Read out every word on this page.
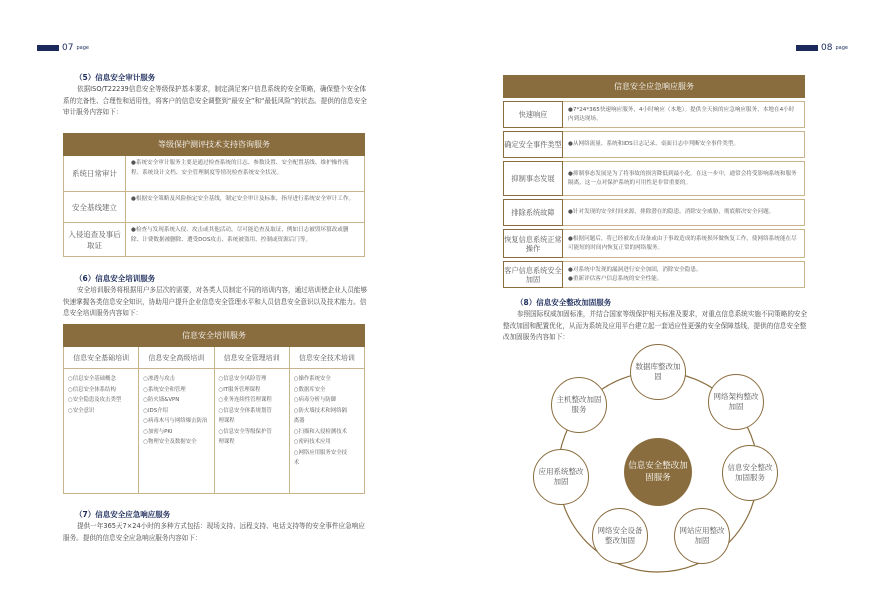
07 page
（5）信息安全审计服务
依据ISO/T22239信息安全等级保护基本要求，制定满足客户信息系统的安全策略，确保整个安全体系的完备性、合理性和适用性，将客户的信息安全调整到“最安全”和“最低风险”的状态。提供的信息安全审计服务内容如下：
等级保护测评技术支持咨询服务
系统日常审计
●系统安全审计服务主要是通过检查系统的日志、参数设置、安全配置基线、维护操作流程、系统设计文档、安全管理制度等情况检查系统安全状况。
安全基线建立
●根据安全策略及风险指定安全基线，制定安全审计及标准，指导进行系统安全审计工作。
入侵追查及事后取证
●检查与发现系统入侵、攻击或其他活动，尽可能追查及取证，例如日志被毁坏篡改或删除、计费数据被删除、遭受DOS攻击、系统被盗用、控制或资源后门等。
（6）信息安全培训服务
安全培训服务将根据用户多层次的需要，对各类人员制定不同的培训内容，通过培训使企业人员能够快速掌握各类信息安全知识，协助用户提升企业信息安全管理水平和人员信息安全意识以及技术能力。信息安全培训服务内容如下：
信息安全培训服务
信息安全基础培训
○信息安全基础概念
○信息安全体系结构
○安全隐患及攻击类型
○安全意识
信息安全高级培训
○渗透与攻击
○系统安全和管理
○防火墙&VPN
○IDS介绍
○病毒木马与网络爆击防治
○加密与PKI
○物理安全及数据安全
信息安全管理培训
○信息安全风险管理
○IT服务管理课程
○业务连续性管理课程
○信息安全体系规划管
理课程
○信息安全等级保护管
理课程
信息安全技术培训
○操作系统安全
○数据库安全
○病毒分析与防御
○防火墙技术和网络隔
离器
○扫描和入侵检测技术
○密码技术应用
○网络应用服务安全技
术
（7）信息安全应急响应服务
提供一年365天7×24小时的多种方式包括：现场支持、远程支持、电话支持等的安全事件应急响应服务。提供的信息安全应急响应服务内容如下：
08 page
信息安全应急响应服务
快速响应
●7*24*365快速响应服务，4小时响应（本地）。提供全天候的应急响应服务，本地在4小时内到达现场。
确定安全事件类型 ●从网络流量、系统和IDS日志记录、桌面日志中判断安全事件类型。
抑制事态发展
●抑制事态发展是为了将事故的损害降低到最小化。在这一步中，通常会将受影响系统和服务隔离，这一点对保护系统的可用性是非常重要的。
排除系统故障	●针对发现的安全时间来源，排除潜在的隐患，消除安全威胁，彻底解决安全问题。
恢复信息系统正常操作
●根据问题后，将已经被攻击设备或由于事故造成的系统损坏做恢复工作，使网络系统能在尽可能短的时间内恢复正常的网络服务。
客户信息系统安全加固
●对系统中发现的漏洞进行安全加固，消除安全隐患。
●重新评估客户信息系统的安全性能。
（8）信息安全整改加固服务
参照国际权威加固标准，并结合国家等级保护相关标准及要求，对重点信息系统实施不同策略的安全整改加固和配置优化，从而为系统及应用平台建立起一套适应性更强的安全保障基线，提供的信息安全整改加固服务内容如下：
信息安全整改加固服务
数据库整改加固
网络架构整改加固
信息安全整改加固服务
网站应用整改加固
网络安全设备整改加固
应用系统整改加固
主机整改加固服务
